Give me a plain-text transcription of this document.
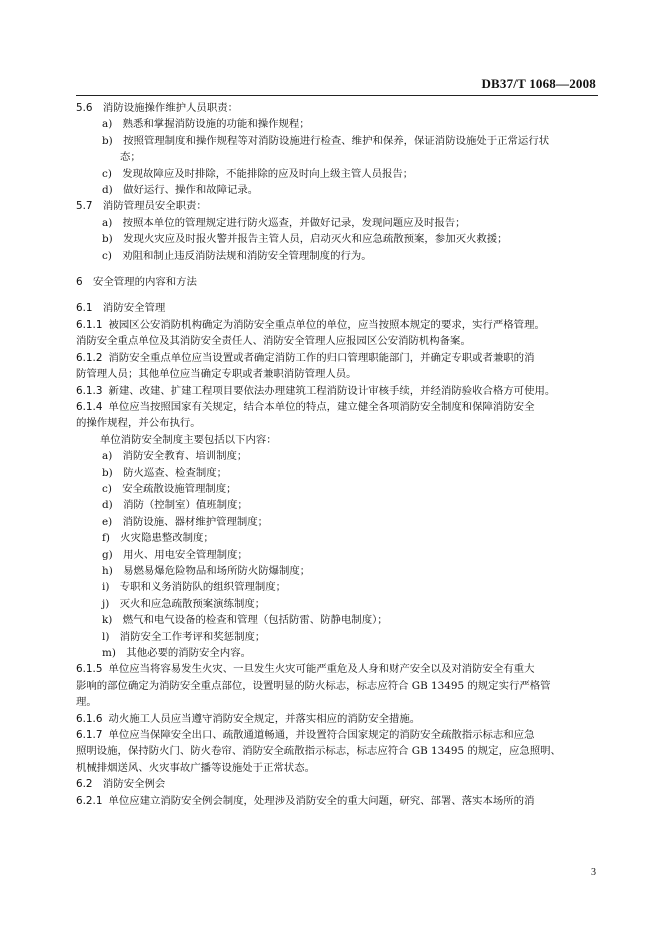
DB37/T 1068—2008
5.6　消防设施操作维护人员职责：
a)　熟悉和掌握消防设施的功能和操作规程；
b)　按照管理制度和操作规程等对消防设施进行检查、维护和保养，保证消防设施处于正常运行状
态；
c)　发现故障应及时排除，不能排除的应及时向上级主管人员报告；
d)　做好运行、操作和故障记录。
5.7　消防管理员安全职责：
a)　按照本单位的管理规定进行防火巡查，并做好记录，发现问题应及时报告；
b)　发现火灾应及时报火警并报告主管人员，启动灭火和应急疏散预案，参加灭火救援；
c)　劝阻和制止违反消防法规和消防安全管理制度的行为。
6　安全管理的内容和方法
6.1　消防安全管理
6.1.1 被园区公安消防机构确定为消防安全重点单位的单位，应当按照本规定的要求，实行严格管理。
消防安全重点单位及其消防安全责任人、消防安全管理人应报园区公安消防机构备案。
6.1.2 消防安全重点单位应当设置或者确定消防工作的归口管理职能部门，并确定专职或者兼职的消
防管理人员；其他单位应当确定专职或者兼职消防管理人员。
6.1.3 新建、改建、扩建工程项目要依法办理建筑工程消防设计审核手续，并经消防验收合格方可使用。
6.1.4 单位应当按照国家有关规定，结合本单位的特点，建立健全各项消防安全制度和保障消防安全
的操作规程，并公布执行。
单位消防安全制度主要包括以下内容：
a)　消防安全教育、培训制度；
b)　防火巡查、检查制度；
c)　安全疏散设施管理制度；
d)　消防（控制室）值班制度；
e)　消防设施、器材维护管理制度；
f)　火灾隐患整改制度；
g)　用火、用电安全管理制度；
h)　易燃易爆危险物品和场所防火防爆制度；
i)　专职和义务消防队的组织管理制度；
j)　灭火和应急疏散预案演练制度；
k)　燃气和电气设备的检查和管理（包括防雷、防静电制度）；
l)　消防安全工作考评和奖惩制度；
m)　其他必要的消防安全内容。
6.1.5 单位应当将容易发生火灾、一旦发生火灾可能严重危及人身和财产安全以及对消防安全有重大
影响的部位确定为消防安全重点部位，设置明显的防火标志，标志应符合 GB 13495 的规定实行严格管
理。
6.1.6 动火施工人员应当遵守消防安全规定，并落实相应的消防安全措施。
6.1.7 单位应当保障安全出口、疏散通道畅通，并设置符合国家规定的消防安全疏散指示标志和应急
照明设施，保持防火门、防火卷帘、消防安全疏散指示标志，标志应符合 GB 13495 的规定，应急照明、
机械排烟送风、火灾事故广播等设施处于正常状态。
6.2　消防安全例会
6.2.1 单位应建立消防安全例会制度，处理涉及消防安全的重大问题，研究、部署、落实本场所的消
3
